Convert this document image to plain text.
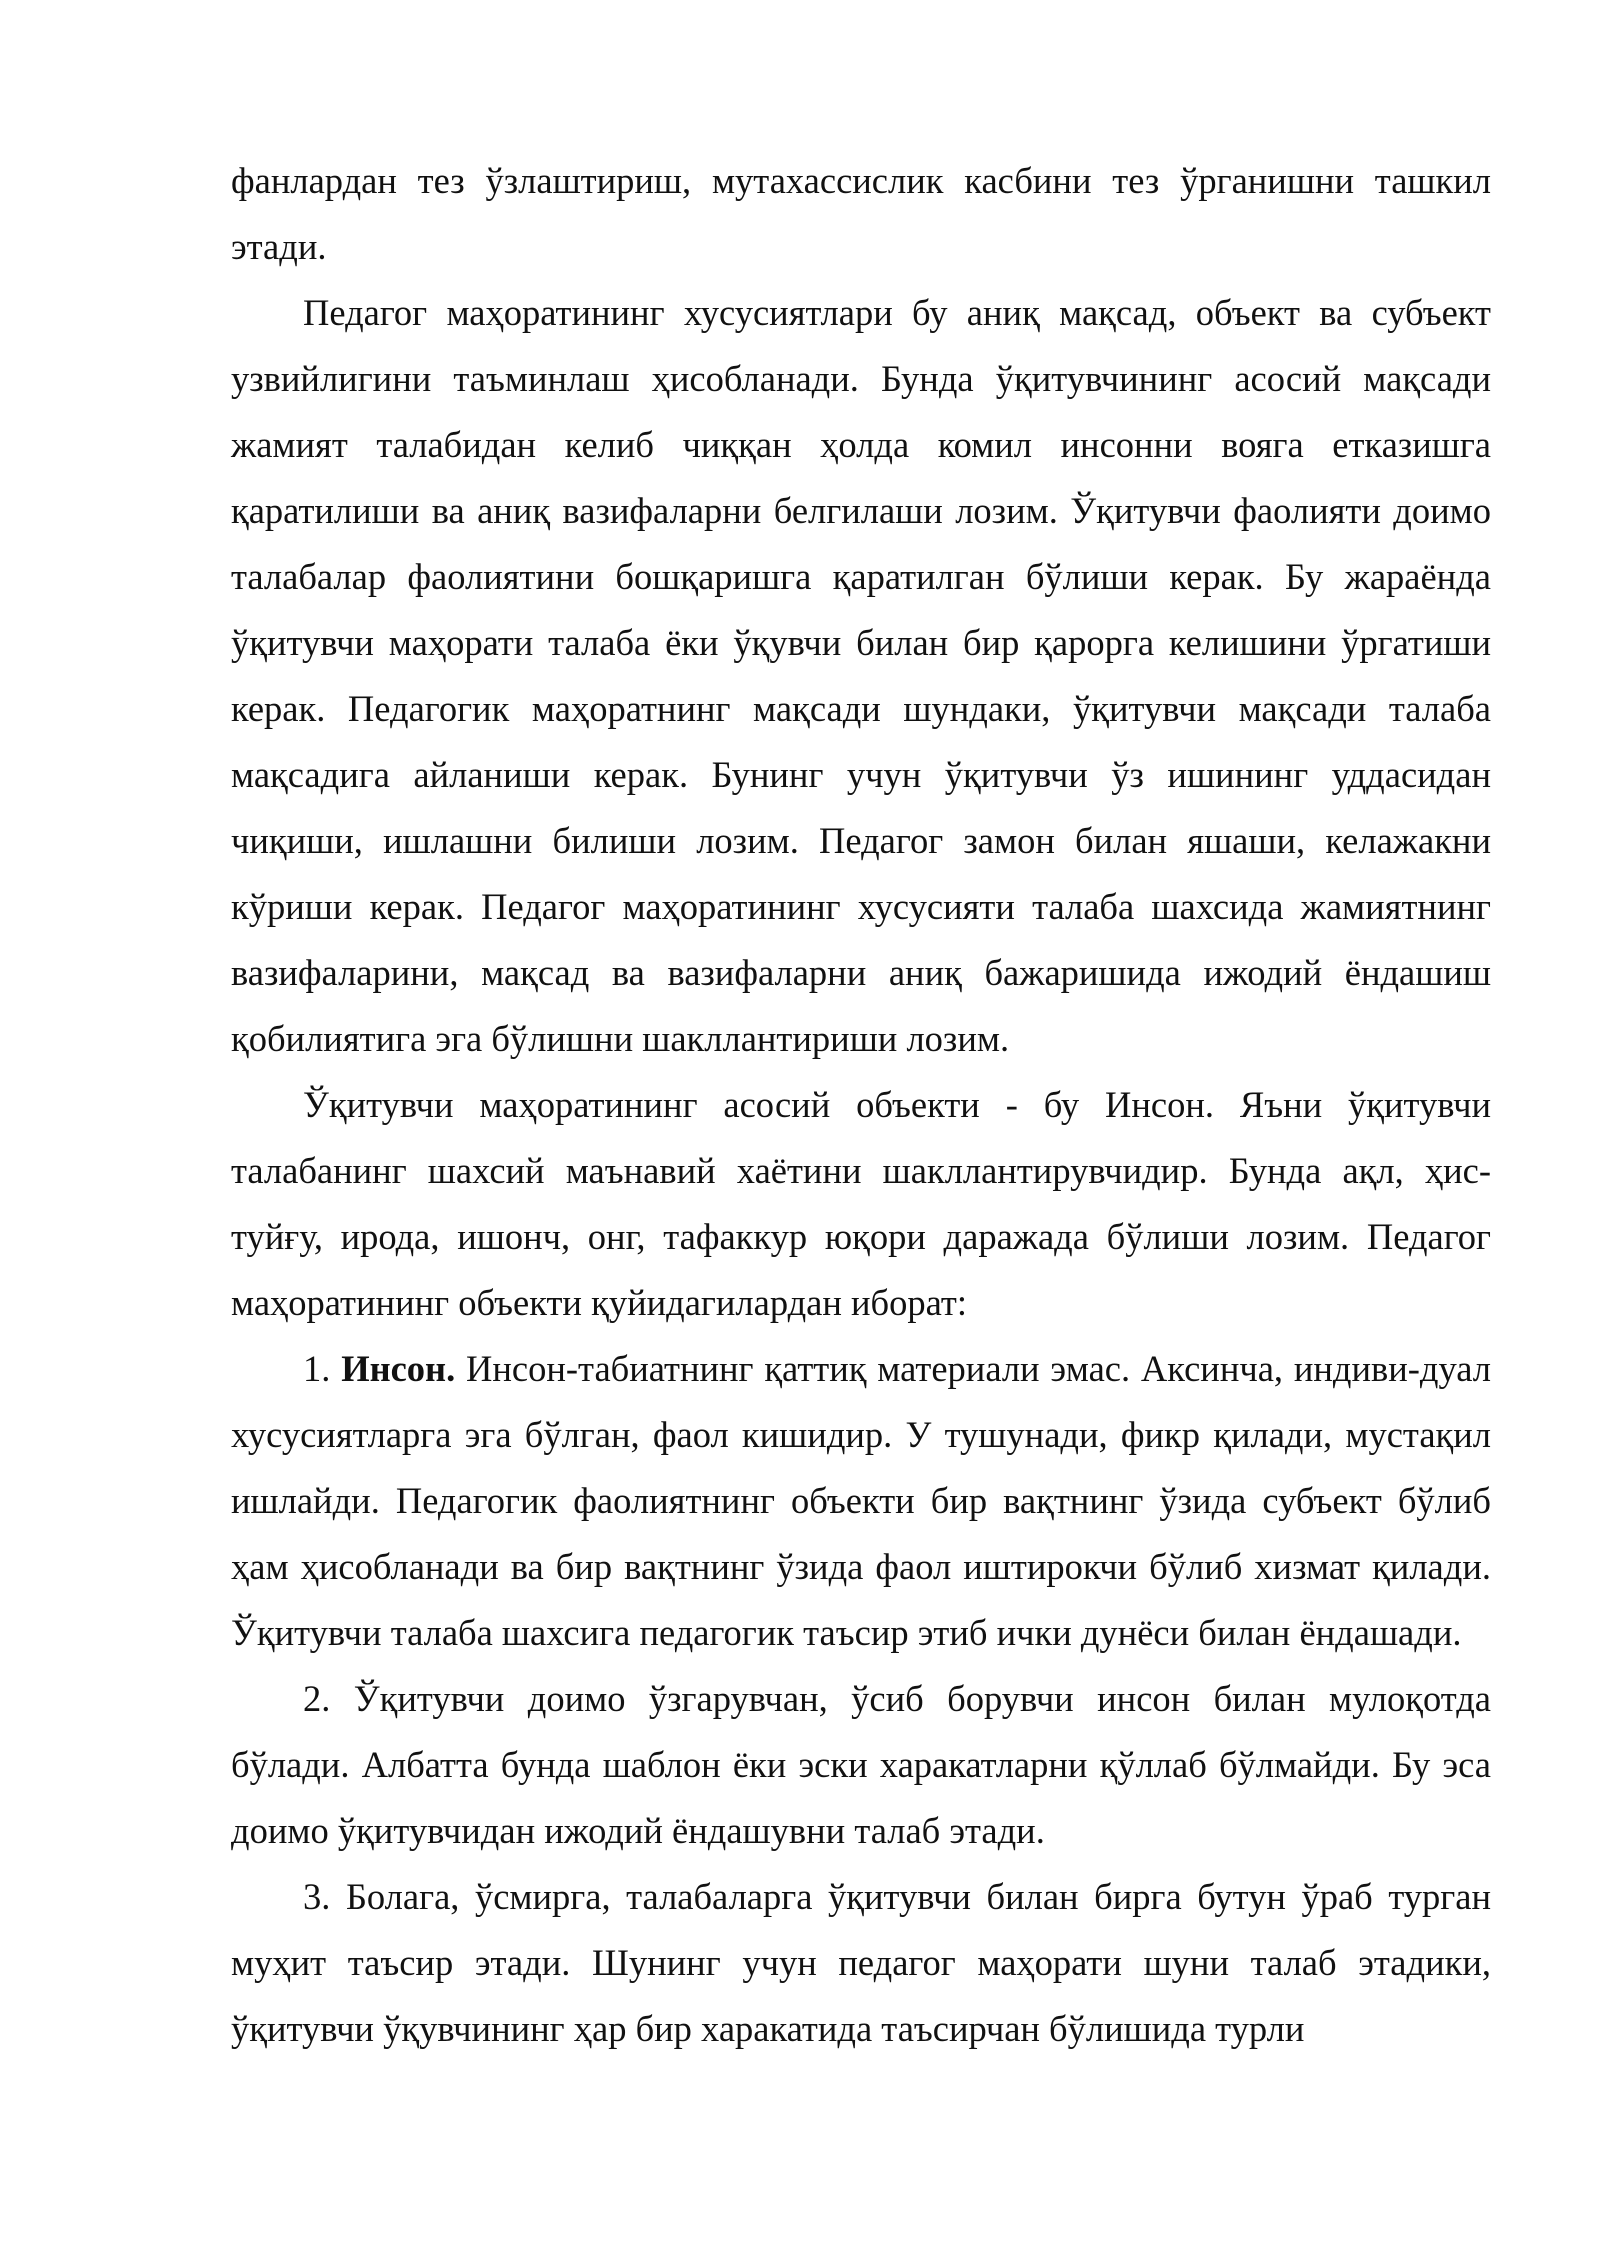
фанлардан тез ўзлаштириш, мутахассислик касбини тез ўрганишни ташкил этади.

Педагог маҳоратининг хусусиятлари бу аниқ мақсад, объект ва субъект узвийлигини таъминлаш ҳисобланади. Бунда ўқитувчининг асосий мақсади жамият талабидан келиб чиққан ҳолда комил инсонни вояга етказишга қаратилиши ва аниқ вазифаларни белгилаши лозим. Ўқитувчи фаолияти доимо талабалар фаолиятини бошқаришга қаратилган бўлиши керак. Бу жараёнда ўқитувчи маҳорати талаба ёки ўқувчи билан бир қарорга келишини ўргатиши керак. Педагогик маҳоратнинг мақсади шундаки, ўқитувчи мақсади талаба мақсадига айланиши керак. Бунинг учун ўқитувчи ўз ишининг уддасидан чиқиши, ишлашни билиши лозим. Педагог замон билан яшаши, келажакни кўриши керак. Педагог маҳоратининг хусусияти талаба шахсида жамиятнинг вазифаларини, мақсад ва вазифаларни аниқ бажаришида ижодий ёндашиш қобилиятига эга бўлишни шакллантириши лозим.

Ўқитувчи маҳоратининг асосий объекти - бу Инсон. Яъни ўқитувчи талабанинг шахсий маънавий хаётини шакллантирувчидир. Бунда ақл, ҳис-туйғу, ирода, ишонч, онг, тафаккур юқори даражада бўлиши лозим. Педагог маҳоратининг объекти қуйидагилардан иборат:

1. Инсон. Инсон-табиатнинг қаттиқ материали эмас. Аксинча, индиви-дуал хусусиятларга эга бўлган, фаол кишидир. У тушунади, фикр қилади, мустақил ишлайди. Педагогик фаолиятнинг объекти бир вақтнинг ўзида субъект бўлиб ҳам ҳисобланади ва бир вақтнинг ўзида фаол иштирокчи бўлиб хизмат қилади. Ўқитувчи талаба шахсига педагогик таъсир этиб ички дунёси билан ёндашади.

2. Ўқитувчи доимо ўзгарувчан, ўсиб борувчи инсон билан мулоқотда бўлади. Албатта бунда шаблон ёки эски харакатларни қўллаб бўлмайди. Бу эса доимо ўқитувчидан ижодий ёндашувни талаб этади.

3. Болага, ўсмирга, талабаларга ўқитувчи билан бирга бутун ўраб турган муҳит таъсир этади. Шунинг учун педагог маҳорати шуни талаб этадики, ўқитувчи ўқувчининг ҳар бир харакатида таъсирчан бўлишида турли
